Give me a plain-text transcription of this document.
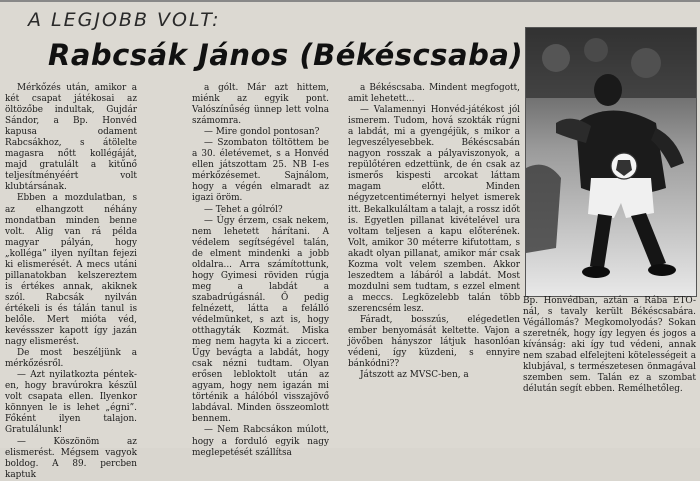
A LEGJOBB VOLT:
Rabcsák János (Békéscsaba)

Mérkőzés után, amikor a két csapat játékosai az öltözőbe indultak, Gujdár Sándor, a Bp. Honvéd kapusa odament Rabcsákhoz, s átölelte magasra nőtt kollégáját, majd gratulált a kitűnő teljesítményéért volt klubtársának.

Ebben a mozdulatban, s az elhangzott néhány mondatban minden benne volt. Alig van rá példa magyar pályán, hogy „kolléga” ilyen nyíltan fejezi ki elismerését. A mecs utáni pillanatokban kelszereztem is értékes annak, akiknek szól. Rabcsák nyilván értékeli is és tálán tanul is belőle. Mert mióta véd, kevéssszer kapott így jazán nagy elismerést.

De most beszéljünk a mérkőzésről.

— Azt nyilatkozta pénteken, hogy bravúrokra készül volt csapata ellen. Ilyenkor könnyen le is lehet „égni”. Főként ilyen talajon. Gratulálunk!

— Köszönöm az elismerést. Mégsem vagyok boldog. A 89. percben kaptuk

a gólt. Már azt hittem, miénk az egyik pont. Valószínűség ünnep lett volna számomra.

— Mire gondol pontosan?

— Szombaton töltöttem be a 30. életévemet, s a Honvéd ellen játszottam 25. NB I-es mérkőzésemet. Sajnálom, hogy a végén elmaradt az igazi öröm.

— Tehet a gólról?

— Úgy érzem, csak nekem, nem lehetett hárítani. A védelem segítségével talán, de elment mindenki a jobb oldalra... Arra számítottunk, hogy Gyimesi röviden rúgja meg a labdát a szabadrúgásnál. Ő pedig felnézett, látta a felálló védelmünket, s azt is, hogy otthagyták Kozmát. Miska meg nem hagyta ki a ziccert. Úgy bevágta a labdát, hogy csak nézni tudtam. Olyan erősen lebloktolt után az agyam, hogy nem igazán mi történik a hálóból visszajövő labdával. Minden összeomlott bennem.

— Nem Rabcsákon múlott, hogy a forduló egyik nagy meglepetését szállítsa

a Békéscsaba. Mindent megfogott, amit lehetett...

— Valamennyi Honvéd-játékost jól ismerem. Tudom, hová szokták rúgni a labdát, mi a gyengéjük, s mikor a legveszélyesebbek. Békéscsabán nagyon rosszak a pályaviszonyok, a repülőtéren edzettünk, de én csak az ismerős kispesti arcokat láttam magam előtt. Minden négyzetcentiméternyi helyet ismerek itt. Bekalkuláltam a talajt, a rossz időt is. Egyetlen pillanat kivételével ura voltam teljesen a kapu előterének. Volt, amikor 30 méterre kifutottam, s akadt olyan pillanat, amikor már csak Kozma volt velem szemben. Akkor leszedtem a lábáról a labdát. Most mozdulni sem tudtam, s ezzel elment a meccs. Legközelebb talán több szerencsém lesz.

Fáradt, bosszús, elégedetlen ember benyomását keltette. Vajon a jövőben hányszor látjuk hasonlóan védeni, így küzdeni, s ennyire bánkódni??

Játszott az MVSC-ben, a

Bp. Honvédban, aztán a Rába ETO-nál, s tavaly került Békéscsabára. Végállomás? Megkomolyodás? Sokan szeretnék, hogy így legyen és jogos a kívánság: aki így tud védeni, annak nem szabad elfelejteni kötelességeit a klubjával, s természetesen önmagával szemben sem. Talán ez a szombat délután segít ebben. Remélhetőleg.
